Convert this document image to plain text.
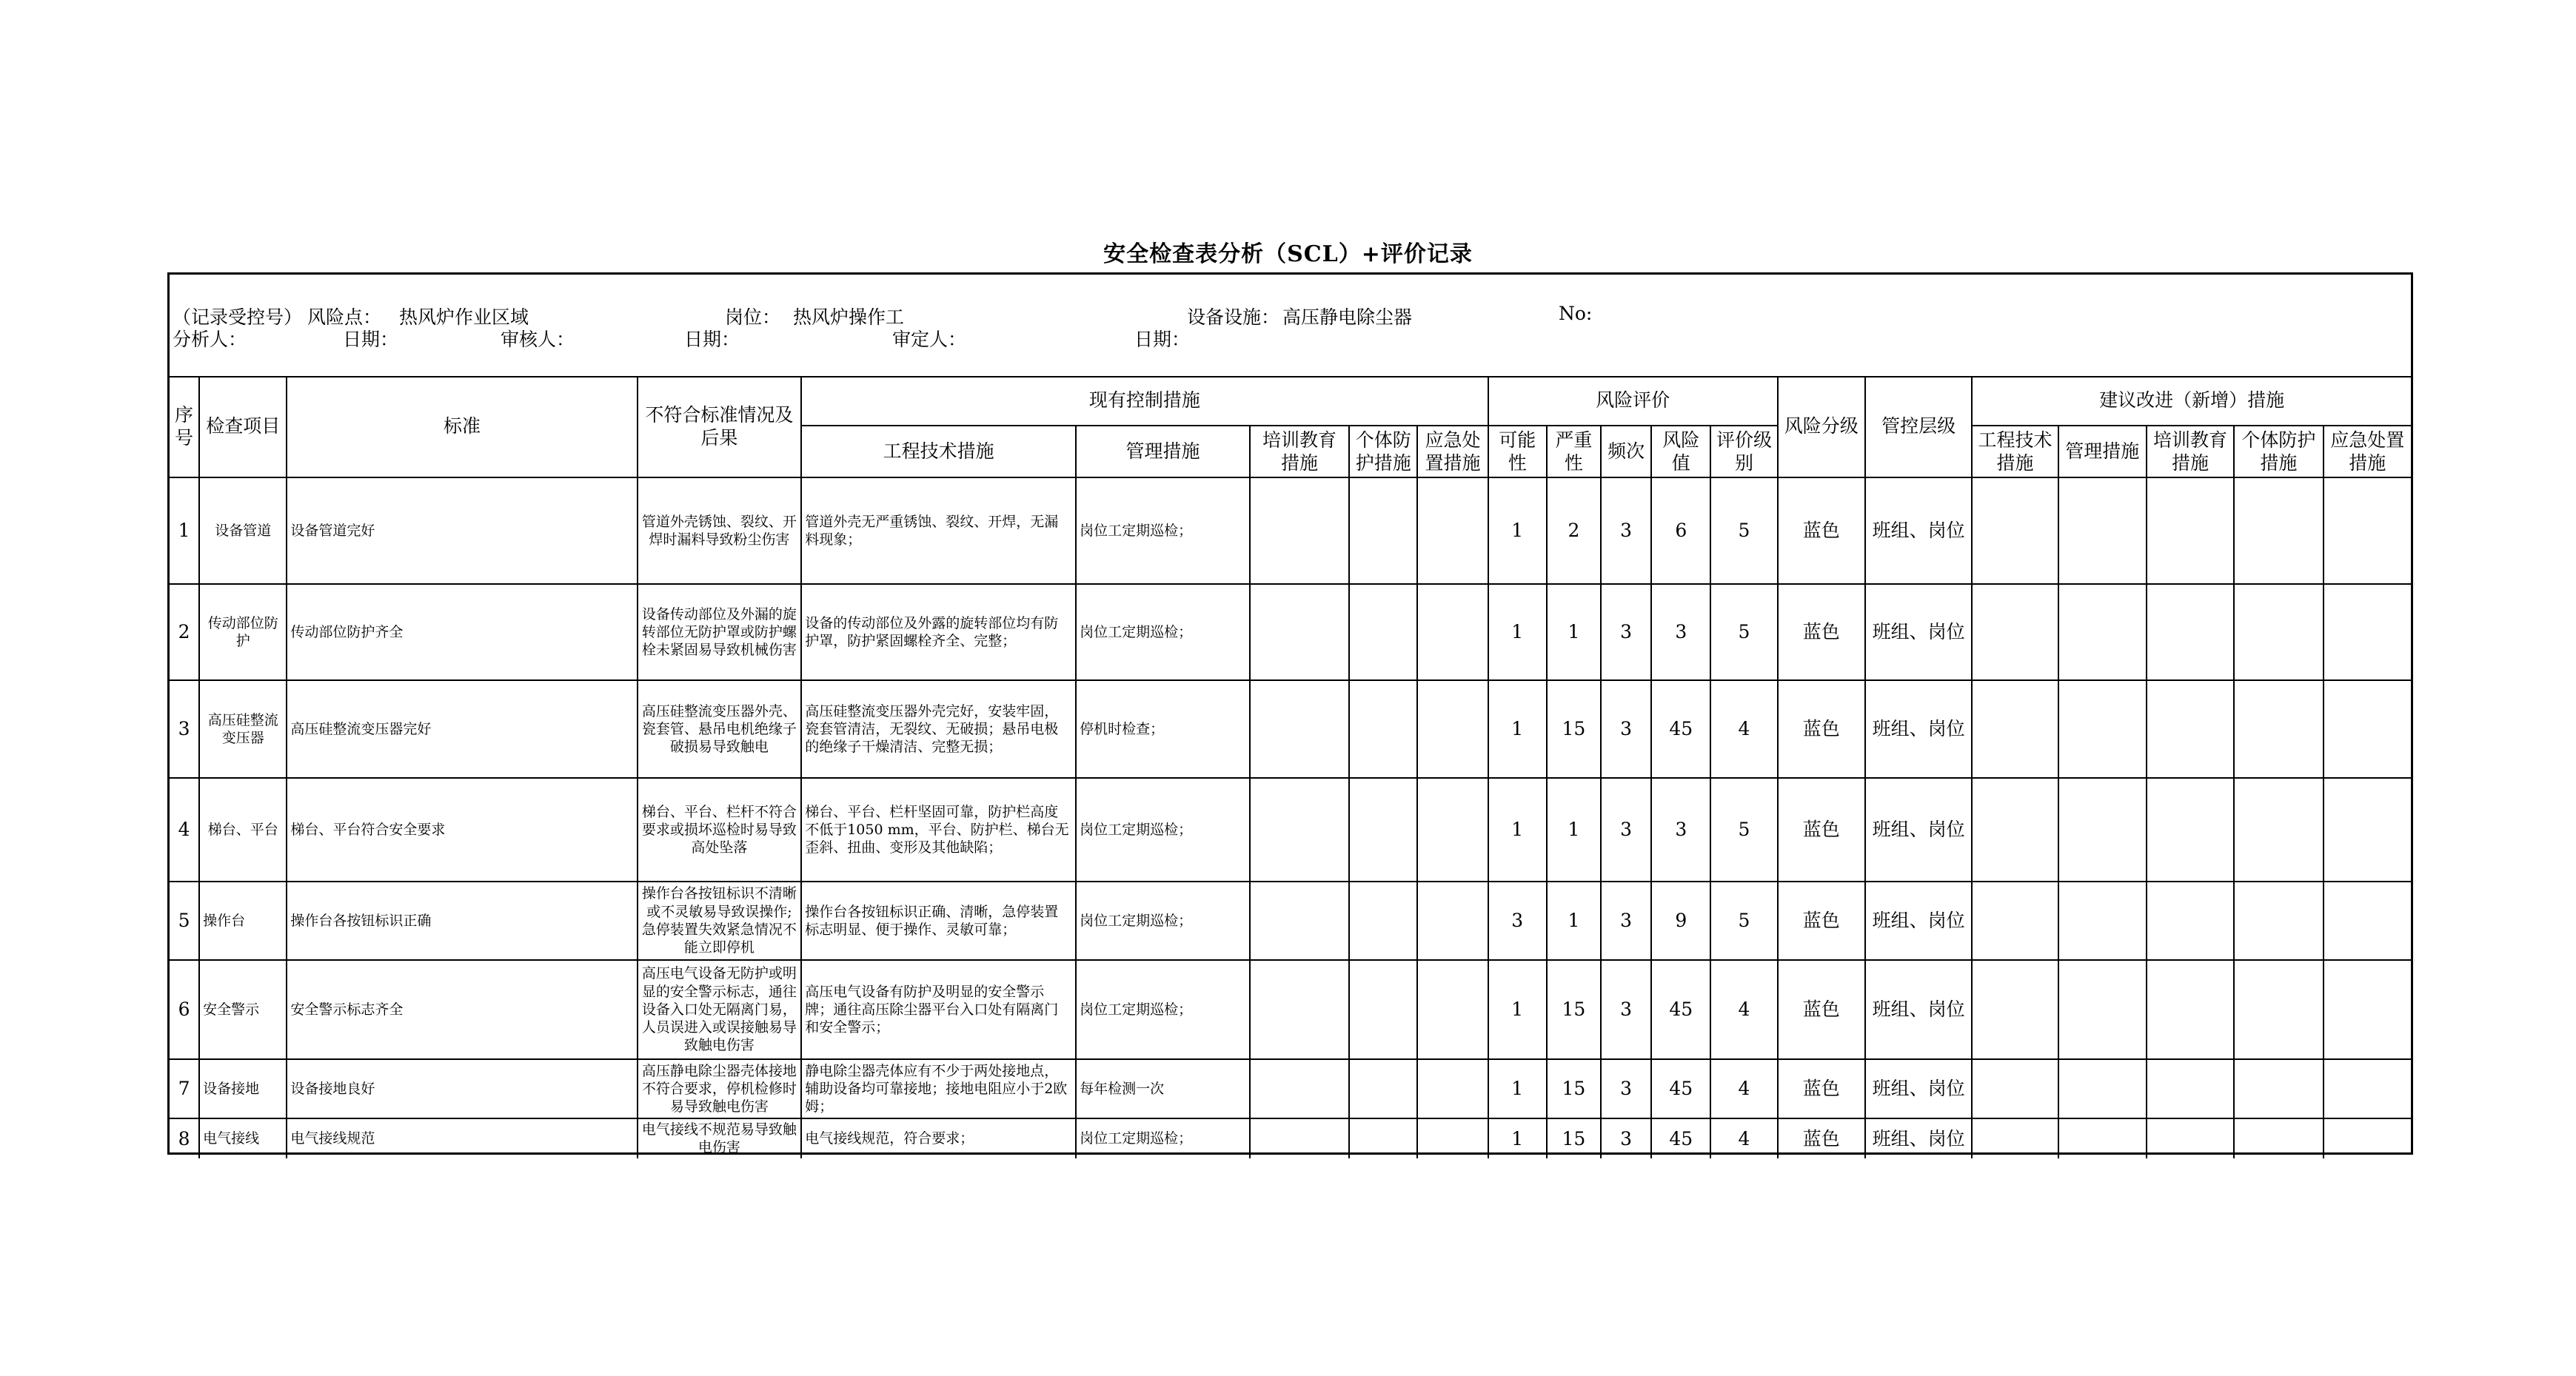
安全检查表分析（SCL）+评价记录
（记录受控号） 风险点： 热风炉作业区域	岗位： 热风炉操作工	设备设施： 高压静电除尘器	No:
分析人：	日期：	审核人：	日期：	审定人：	日期：
序号	检查项目	标准	不符合标准情况及后果	现有控制措施					风险评价					风险分级	管控层级	建议改进（新增）措施				
				工程技术措施	管理措施	培训教育措施	个体防护措施	应急处置措施	可能性	严重性	频次	风险值	评价级别			工程技术措施	管理措施	培训教育措施	个体防护措施	应急处置措施
1	设备管道	设备管道完好	管道外壳锈蚀、裂纹、开焊时漏料导致粉尘伤害	管道外壳无严重锈蚀、裂纹、开焊，无漏料现象；	岗位工定期巡检；				1	2	3	6	5	蓝色	班组、岗位					
2	传动部位防护	传动部位防护齐全	设备传动部位及外漏的旋转部位无防护罩或防护螺栓未紧固易导致机械伤害	设备的传动部位及外露的旋转部位均有防护罩，防护紧固螺栓齐全、完整；	岗位工定期巡检；				1	1	3	3	5	蓝色	班组、岗位					
3	高压硅整流变压器	高压硅整流变压器完好	高压硅整流变压器外壳、瓷套管、悬吊电机绝缘子破损易导致触电	高压硅整流变压器外壳完好，安装牢固，瓷套管清洁，无裂纹、无破损；悬吊电极的绝缘子干燥清洁、完整无损；	停机时检查；				1	15	3	45	4	蓝色	班组、岗位					
4	梯台、平台	梯台、平台符合安全要求	梯台、平台、栏杆不符合要求或损坏巡检时易导致高处坠落	梯台、平台、栏杆坚固可靠，防护栏高度不低于1050 mm，平台、防护栏、梯台无歪斜、扭曲、变形及其他缺陷；	岗位工定期巡检；				1	1	3	3	5	蓝色	班组、岗位					
5	操作台	操作台各按钮标识正确	操作台各按钮标识不清晰或不灵敏易导致误操作;急停装置失效紧急情况不能立即停机	操作台各按钮标识正确、清晰，急停装置标志明显、便于操作、灵敏可靠；	岗位工定期巡检；				3	1	3	9	5	蓝色	班组、岗位					
6	安全警示	安全警示标志齐全	高压电气设备无防护或明显的安全警示标志，通往设备入口处无隔离门易，人员误进入或误接触易导致触电伤害	高压电气设备有防护及明显的安全警示牌；通往高压除尘器平台入口处有隔离门和安全警示；	岗位工定期巡检；				1	15	3	45	4	蓝色	班组、岗位					
7	设备接地	设备接地良好	高压静电除尘器壳体接地不符合要求，停机检修时易导致触电伤害	静电除尘器壳体应有不少于两处接地点，辅助设备均可靠接地；接地电阻应小于2欧姆；	每年检测一次				1	15	3	45	4	蓝色	班组、岗位					
8	电气接线	电气接线规范	电气接线不规范易导致触电伤害	电气接线规范，符合要求；	岗位工定期巡检；				1	15	3	45	4	蓝色	班组、岗位					
